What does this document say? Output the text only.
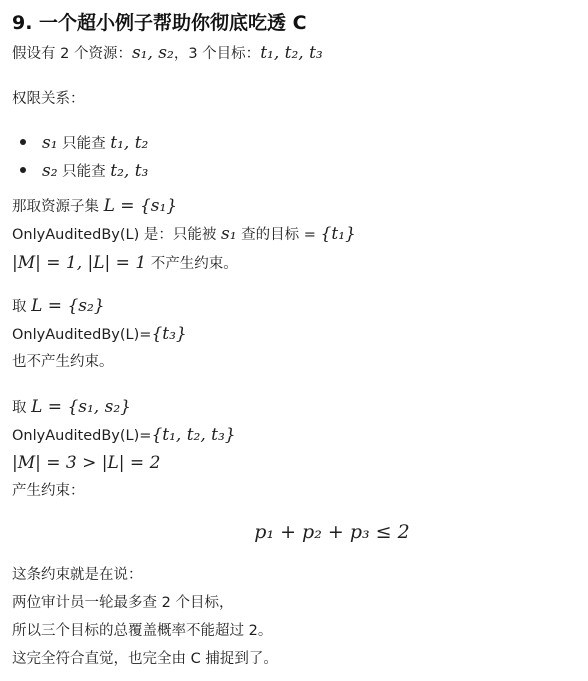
9. 一个超小例子帮助你彻底吃透 C
假设有 2 个资源：s₁, s₂，3 个目标：t₁, t₂, t₃
权限关系：
s₁ 只能查 t₁, t₂
s₂ 只能查 t₂, t₃
那取资源子集 L = {s₁}
OnlyAuditedBy(L) 是：只能被 s₁ 查的目标 = {t₁}
|M| = 1, |L| = 1 不产生约束。
取 L = {s₂}
OnlyAuditedBy(L)={t₃}
也不产生约束。
取 L = {s₁, s₂}
OnlyAuditedBy(L)={t₁, t₂, t₃}
|M| = 3 > |L| = 2
产生约束：
p₁ + p₂ + p₃ ≤ 2
这条约束就是在说：
两位审计员一轮最多查 2 个目标，
所以三个目标的总覆盖概率不能超过 2。
这完全符合直觉，也完全由 C 捕捉到了。
